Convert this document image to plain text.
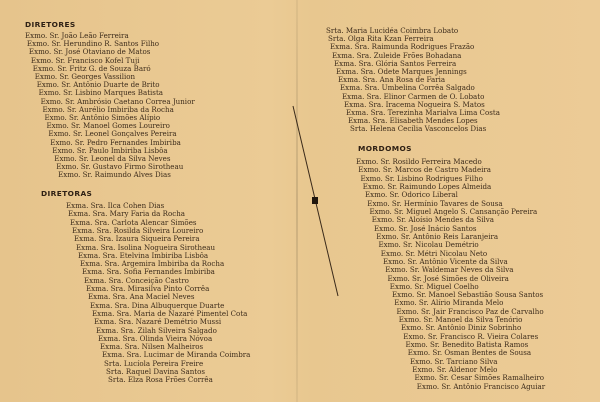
DIRETORES
Exmo. Sr. João Leão Ferreira
Exmo. Sr. Herundino R. Santos Filho
Exmo. Sr. José Otaviano de Matos
Exmo. Sr. Francisco Kofel Tuji
Exmo. Sr. Fritz G. de Souza Baró
Exmo. Sr. Georges Vassilion
Exmo. Sr. Antônio Duarte de Brito
Exmo. Sr. Lisbino Marques Batista
Exmo. Sr. Ambrósio Caetano Correa Junior
Exmo. Sr. Aurélio Imbiriba da Rocha
Exmo. Sr. Antônio Simões Alípio
Exmo. Sr. Manoel Gomes Loureiro
Exmo. Sr. Leonel Gonçalves Pereira
Exmo. Sr. Pedro Fernandes Imbiriba
Exmo. Sr. Paulo Imbiriba Lisbôa
Exmo. Sr. Leonel da Silva Neves
Exmo. Sr. Gustavo Firmo Sirotheau
Exmo. Sr. Raimundo Alves Dias
DIRETORAS
Exma. Sra. Ilca Cohen Dias
Exma. Sra. Mary Faria da Rocha
Exma. Sra. Carlota Alencar Simões
Exma. Sra. Rosilda Silveira Loureiro
Exma. Sra. Izaura Siqueira Pereira
Exma. Sra. Isolina Nogueira Sirotheau
Exma. Sra. Etelvina Imbiriba Lisbôa
Exma. Sra. Argemira Imbiriba da Rocha
Exma. Sra. Sofia Fernandes Imbiriba
Exma. Sra. Conceição Castro
Exma. Sra. Mirasilva Pinto Corrêa
Exma. Sra. Ana Maciel Neves
Exma. Sra. Dina Albuquerque Duarte
Exma. Sra. Maria de Nazaré Pimentel Cota
Exma. Sra. Nazaré Demétrio Mussi
Exma. Sra. Zilah Silveira Salgado
Exma. Sra. Olinda Vieira Nóvoa
Exma. Sra. Nilsen Malheiros
Exma. Sra. Lucimar de Miranda Coimbra
Srta. Lucíola Pereira Freire
Srta. Raquel Davina Santos
Srta. Elza Rosa Frões Corrêa
Srta. Maria Lucidéa Coimbra Lobato
Srta. Olga Rita Kzan Ferreira
Exma. Sra. Raimunda Rodrigues Frazão
Exma. Sra. Zuleide Frões Bohadana
Exma. Sra. Glória Santos Ferreira
Exma. Sra. Odete Marques Jennings
Exma. Sra. Ana Rosa de Faria
Exma. Sra. Umbelina Corrêa Salgado
Exma. Sra. Elinor Carmen de O. Lobato
Exma. Sra. Iracema Nogueira S. Matos
Exma. Sra. Terezinha Marialva Lima Costa
Exma. Sra. Elisabeth Mendes Lopes
Srta. Helena Cecília Vasconcelos Dias
MORDOMOS
Exmo. Sr. Rosildo Ferreira Macedo
Exmo. Sr. Marcos de Castro Madeira
Exmo. Sr. Lisbino Rodrigues Filho
Exmo. Sr. Raimundo Lopes Almeida
Exmo. Sr. Odorico Liberal
Exmo. Sr. Hermínio Tavares de Sousa
Exmo. Sr. Miguel Angelo S. Cansanção Pereira
Exmo. Sr. Aloísio Mendes da Silva
Exmo. Sr. José Inácio Santos
Exmo. Sr. Antônio Reis Laranjeira
Exmo. Sr. Nicolau Demétrio
Exmo. Sr. Métri Nicolau Neto
Exmo. Sr. Antônio Vicente da Silva
Exmo. Sr. Waldemar Neves da Silva
Exmo. Sr. José Simões de Oliveira
Exmo. Sr. Miguel Coelho
Exmo. Sr. Manoel Sebastião Sousa Santos
Exmo. Sr. Alírio Miranda Melo
Exmo. Sr. Jair Francisco Paz de Carvalho
Exmo. Sr. Manoel da Silva Tenório
Exmo. Sr. Antônio Diniz Sobrinho
Exmo. Sr. Francisco R. Vieira Colares
Exmo. Sr. Benedito Batista Ramos
Exmo. Sr. Osman Bentes de Sousa
Exmo. Sr. Tarciano Silva
Exmo. Sr. Aldenor Melo
Exmo. Sr. Cesar Simões Ramalheiro
Exmo. Sr. Antônio Francisco Aguiar
